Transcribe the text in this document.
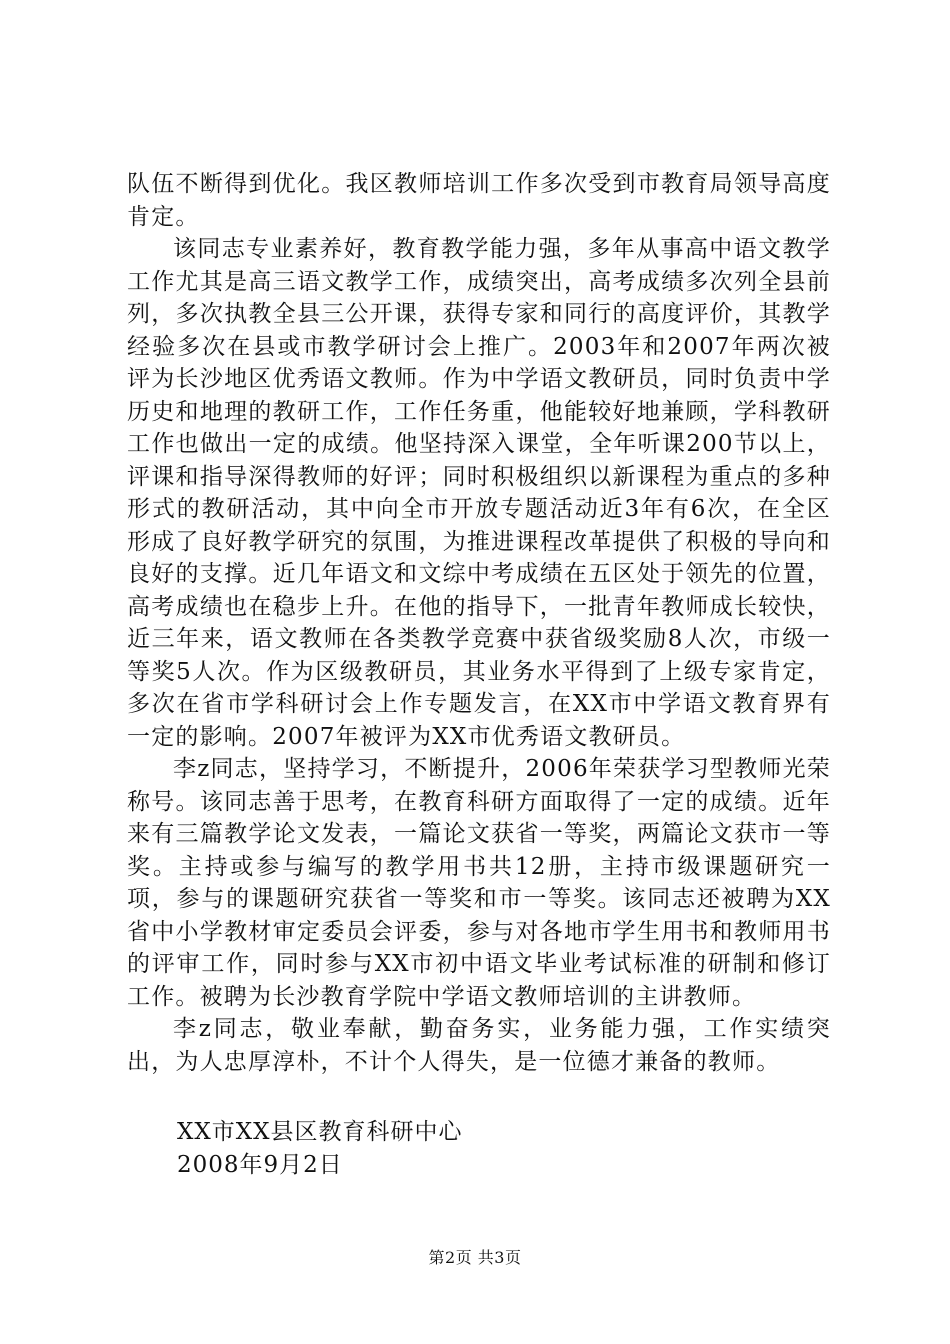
队伍不断得到优化。我区教师培训工作多次受到市教育局领导高度肯定。

该同志专业素养好，教育教学能力强，多年从事高中语文教学工作尤其是高三语文教学工作，成绩突出，高考成绩多次列全县前列，多次执教全县三公开课，获得专家和同行的高度评价，其教学经验多次在县或市教学研讨会上推广。2003年和2007年两次被评为长沙地区优秀语文教师。作为中学语文教研员，同时负责中学历史和地理的教研工作，工作任务重，他能较好地兼顾，学科教研工作也做出一定的成绩。他坚持深入课堂，全年听课200节以上，评课和指导深得教师的好评；同时积极组织以新课程为重点的多种形式的教研活动，其中向全市开放专题活动近3年有6次，在全区形成了良好教学研究的氛围，为推进课程改革提供了积极的导向和良好的支撑。近几年语文和文综中考成绩在五区处于领先的位置，高考成绩也在稳步上升。在他的指导下，一批青年教师成长较快，近三年来，语文教师在各类教学竞赛中获省级奖励8人次，市级一等奖5人次。作为区级教研员，其业务水平得到了上级专家肯定，多次在省市学科研讨会上作专题发言，在XX市中学语文教育界有一定的影响。2007年被评为XX市优秀语文教研员。

李z同志，坚持学习，不断提升，2006年荣获学习型教师光荣称号。该同志善于思考，在教育科研方面取得了一定的成绩。近年来有三篇教学论文发表，一篇论文获省一等奖，两篇论文获市一等奖。主持或参与编写的教学用书共12册，主持市级课题研究一项，参与的课题研究获省一等奖和市一等奖。该同志还被聘为XX省中小学教材审定委员会评委，参与对各地市学生用书和教师用书的评审工作，同时参与XX市初中语文毕业考试标准的研制和修订工作。被聘为长沙教育学院中学语文教师培训的主讲教师。

李z同志，敬业奉献，勤奋务实，业务能力强，工作实绩突出，为人忠厚淳朴，不计个人得失，是一位德才兼备的教师。

XX市XX县区教育科研中心
2008年9月2日
第2页 共3页
